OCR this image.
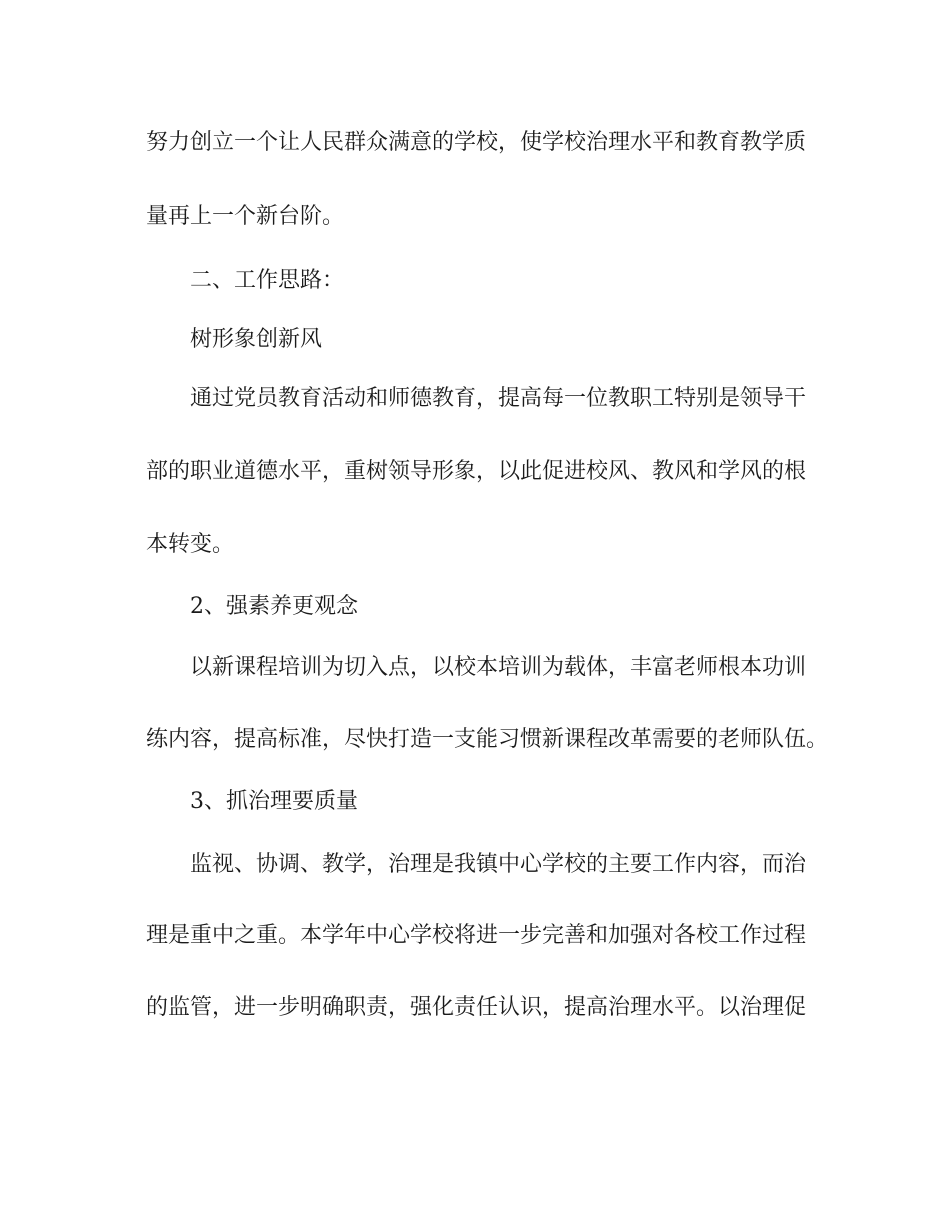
努力创立一个让人民群众满意的学校，使学校治理水平和教育教学质
量再上一个新台阶。
二、工作思路：
树形象创新风
通过党员教育活动和师德教育，提高每一位教职工特别是领导干
部的职业道德水平，重树领导形象，以此促进校风、教风和学风的根
本转变。
2、强素养更观念
以新课程培训为切入点，以校本培训为载体，丰富老师根本功训
练内容，提高标准，尽快打造一支能习惯新课程改革需要的老师队伍。
3、抓治理要质量
监视、协调、教学，治理是我镇中心学校的主要工作内容，而治
理是重中之重。本学年中心学校将进一步完善和加强对各校工作过程
的监管，进一步明确职责，强化责任认识，提高治理水平。以治理促
